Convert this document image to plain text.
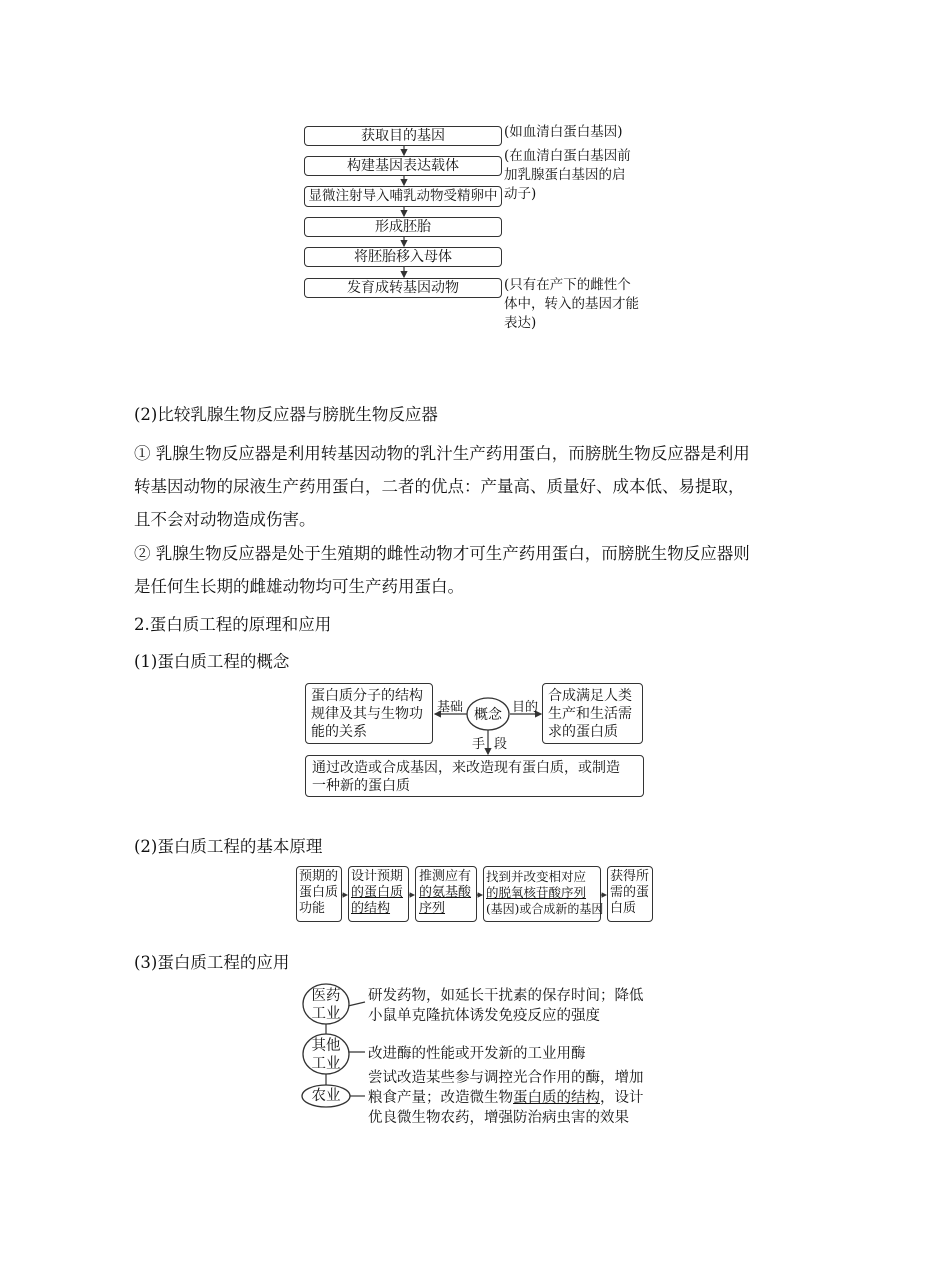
获取目的基因
构建基因表达载体
显微注射导入哺乳动物受精卵中
形成胚胎
将胚胎移入母体
发育成转基因动物
(如血清白蛋白基因)
(在血清白蛋白基因前
加乳腺蛋白基因的启
动子)
(只有在产下的雌性个
体中，转入的基因才能
表达)
(2)比较乳腺生物反应器与膀胱生物反应器
① 乳腺生物反应器是利用转基因动物的乳汁生产药用蛋白，而膀胱生物反应器是利用
转基因动物的尿液生产药用蛋白，二者的优点：产量高、质量好、成本低、易提取，
且不会对动物造成伤害。
② 乳腺生物反应器是处于生殖期的雌性动物才可生产药用蛋白，而膀胱生物反应器则
是任何生长期的雌雄动物均可生产药用蛋白。
2.蛋白质工程的原理和应用
(1)蛋白质工程的概念
概念
蛋白质分子的结构
规律及其与生物功
能的关系
合成满足人类
生产和生活需
求的蛋白质
通过改造或合成基因，来改造现有蛋白质，或制造
一种新的蛋白质
基础	目的
手 段
(2)蛋白质工程的基本原理
预期的
蛋白质
功能
设计预期
的蛋白质
的结构
推测应有
的氨基酸
序列
找到并改变相对应
的脱氧核苷酸序列
(基因)或合成新的基因
获得所
需的蛋
白质
(3)蛋白质工程的应用
医药
工业
其他
工业
农业
研发药物，如延长干扰素的保存时间；降低
小鼠单克隆抗体诱发免疫反应的强度
改进酶的性能或开发新的工业用酶
尝试改造某些参与调控光合作用的酶，增加
粮食产量；改造微生物蛋白质的结构，设计
优良微生物农药，增强防治病虫害的效果
